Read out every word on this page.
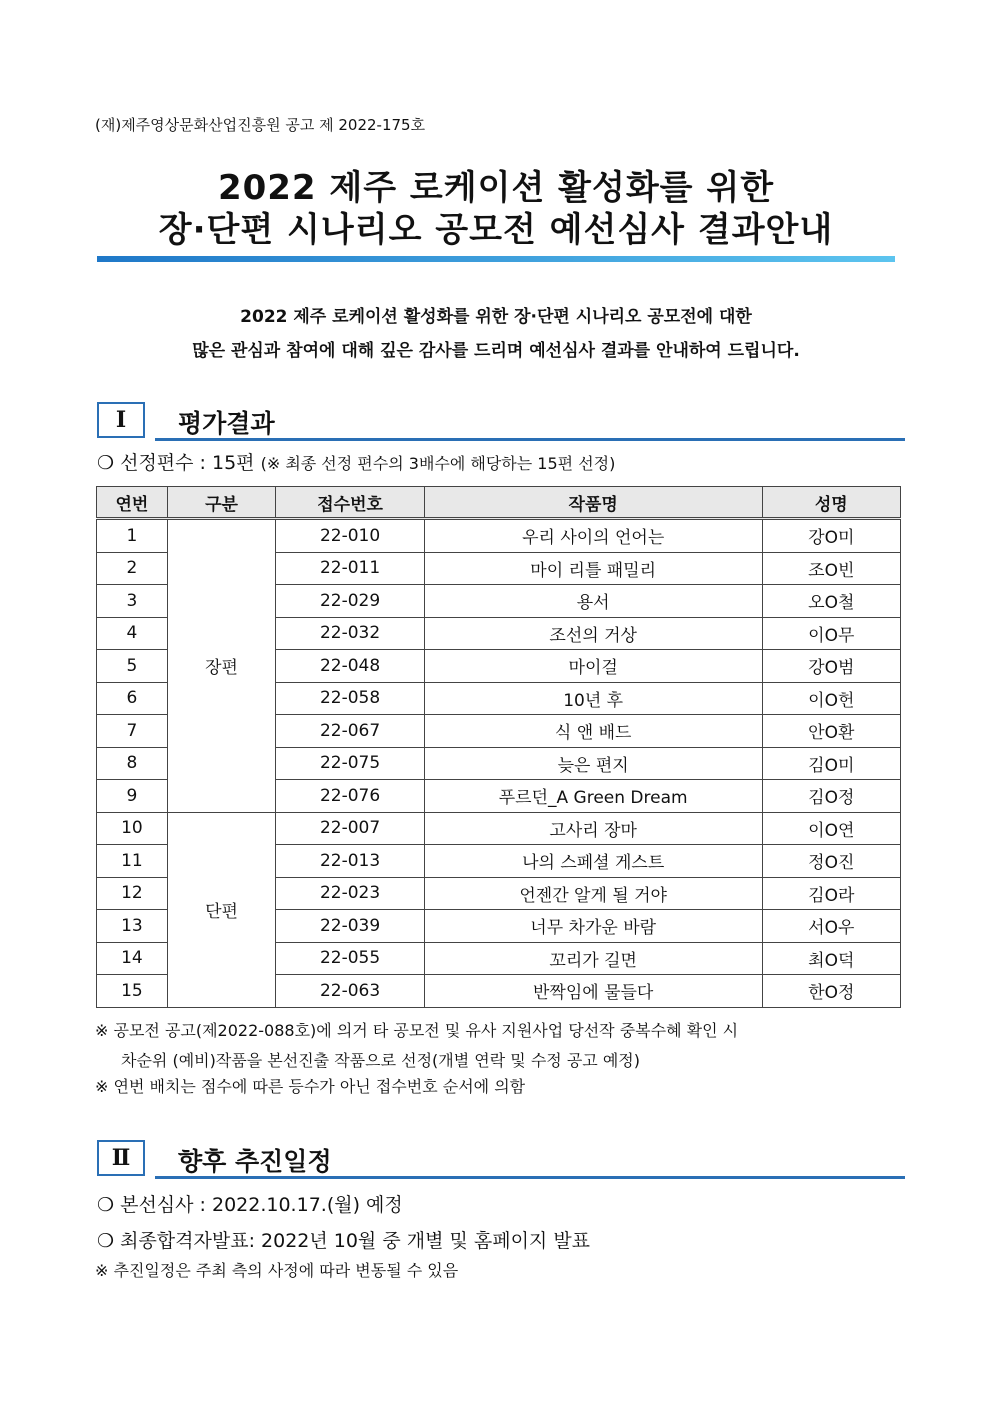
(재)제주영상문화산업진흥원 공고 제 2022-175호
2022 제주 로케이션 활성화를 위한
장·단편 시나리오 공모전 예선심사 결과안내
2022 제주 로케이션 활성화를 위한 장·단편 시나리오 공모전에 대한
많은 관심과 참여에 대해 깊은 감사를 드리며 예선심사 결과를 안내하여 드립니다.
Ⅰ	평가결과
❍ 선정편수 : 15편 (※ 최종 선정 편수의 3배수에 해당하는 15편 선정)
연번	구분	접수번호	작품명	성명
1	장편	22-010	우리 사이의 언어는	강O미
2		22-011	마이 리틀 패밀리	조O빈
3		22-029	용서	오O철
4		22-032	조선의 거상	이O무
5		22-048	마이걸	강O범
6		22-058	10년 후	이O헌
7		22-067	식 앤 배드	안O환
8		22-075	늦은 편지	김O미
9		22-076	푸르던_A Green Dream	김O정
10	단편	22-007	고사리 장마	이O연
11		22-013	나의 스페셜 게스트	정O진
12		22-023	언젠간 알게 될 거야	김O라
13		22-039	너무 차가운 바람	서O우
14		22-055	꼬리가 길면	최O덕
15		22-063	반짝임에 물들다	한O정
※ 공모전 공고(제2022-088호)에 의거 타 공모전 및 유사 지원사업 당선작 중복수혜 확인 시
차순위 (예비)작품을 본선진출 작품으로 선정(개별 연락 및 수정 공고 예정)
※ 연번 배치는 점수에 따른 등수가 아닌 접수번호 순서에 의함
Ⅱ	향후 추진일정
❍ 본선심사 : 2022.10.17.(월) 예정
❍ 최종합격자발표: 2022년 10월 중 개별 및 홈페이지 발표
※ 추진일정은 주최 측의 사정에 따라 변동될 수 있음
